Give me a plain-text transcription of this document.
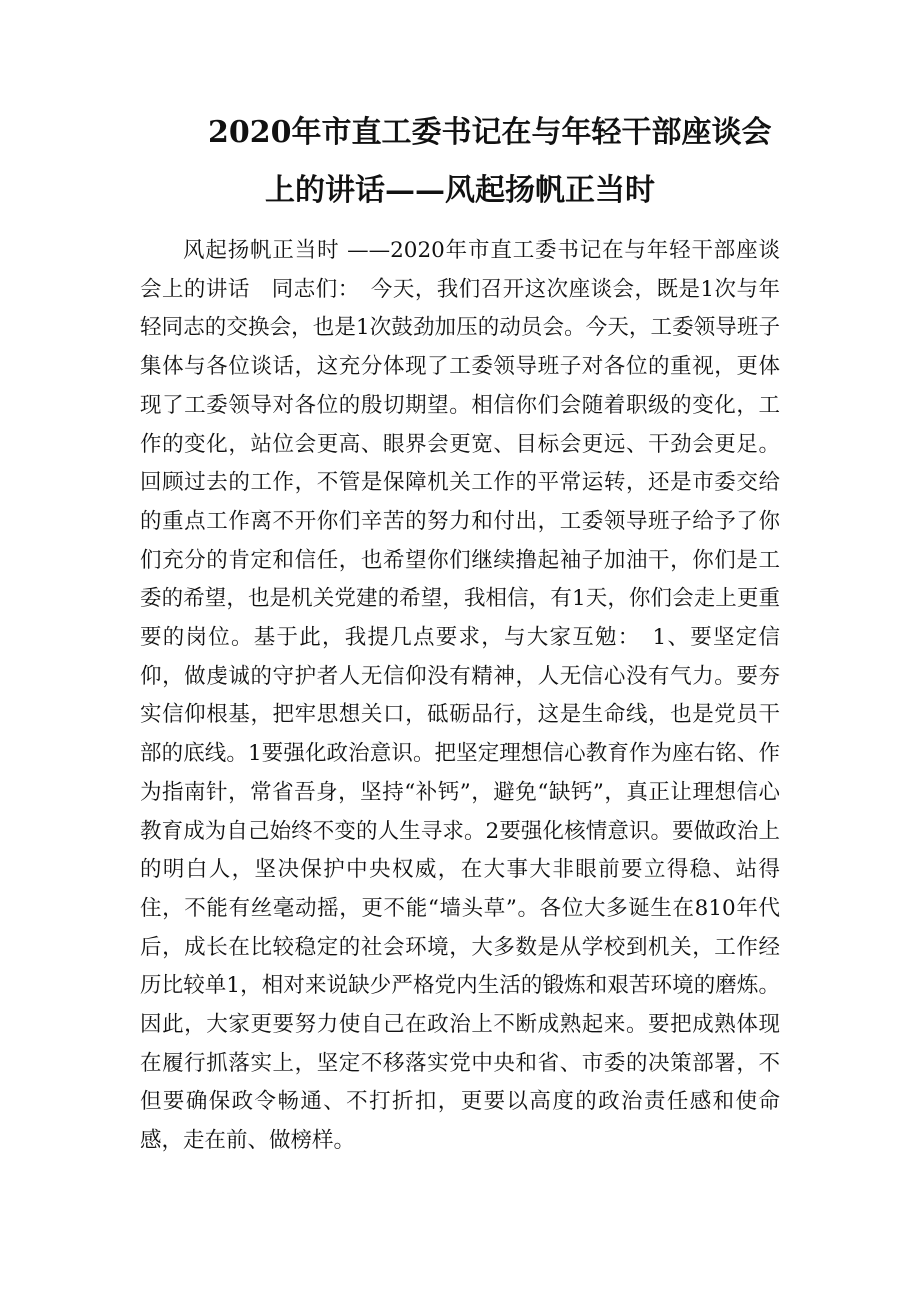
2020年市直工委书记在与年轻干部座谈会
上的讲话——风起扬帆正当时

风起扬帆正当时 ——2020年市直工委书记在与年轻干部座谈会上的讲话　同志们：　今天，我们召开这次座谈会，既是1次与年轻同志的交换会，也是1次鼓劲加压的动员会。今天，工委领导班子集体与各位谈话，这充分体现了工委领导班子对各位的重视，更体现了工委领导对各位的殷切期望。相信你们会随着职级的变化，工作的变化，站位会更高、眼界会更宽、目标会更远、干劲会更足。回顾过去的工作，不管是保障机关工作的平常运转，还是市委交给的重点工作离不开你们辛苦的努力和付出，工委领导班子给予了你们充分的肯定和信任，也希望你们继续撸起袖子加油干，你们是工委的希望，也是机关党建的希望，我相信，有1天，你们会走上更重要的岗位。基于此，我提几点要求，与大家互勉：　1、要坚定信仰，做虔诚的守护者人无信仰没有精神，人无信心没有气力。要夯实信仰根基，把牢思想关口，砥砺品行，这是生命线，也是党员干部的底线。1要强化政治意识。把坚定理想信心教育作为座右铭、作为指南针，常省吾身，坚持“补钙”，避免“缺钙”，真正让理想信心教育成为自己始终不变的人生寻求。2要强化核情意识。要做政治上的明白人，坚决保护中央权威，在大事大非眼前要立得稳、站得住，不能有丝毫动摇，更不能“墙头草”。各位大多诞生在810年代后，成长在比较稳定的社会环境，大多数是从学校到机关，工作经历比较单1，相对来说缺少严格党内生活的锻炼和艰苦环境的磨炼。因此，大家更要努力使自己在政治上不断成熟起来。要把成熟体现在履行抓落实上，坚定不移落实党中央和省、市委的决策部署，不但要确保政令畅通、不打折扣，更要以高度的政治责任感和使命感，走在前、做榜样。
